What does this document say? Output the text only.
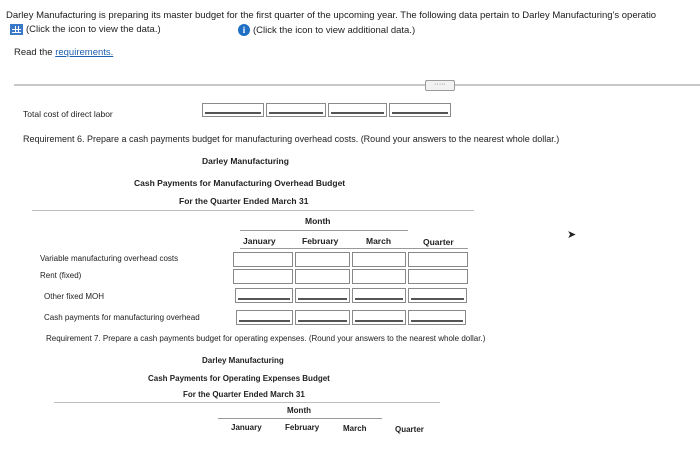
Darley Manufacturing is preparing its master budget for the first quarter of the upcoming year. The following data pertain to Darley Manufacturing's operatio
(Click the icon to view the data.)	i (Click the icon to view additional data.)
Read the requirements.
·····
Total cost of direct labor
Requirement 6. Prepare a cash payments budget for manufacturing overhead costs. (Round your answers to the nearest whole dollar.)
Darley Manufacturing
Cash Payments for Manufacturing Overhead Budget
For the Quarter Ended March 31
Month
January	February	March	Quarter
Variable manufacturing overhead costs
Rent (fixed)
Other fixed MOH
Cash payments for manufacturing overhead
Requirement 7. Prepare a cash payments budget for operating expenses. (Round your answers to the nearest whole dollar.)
Darley Manufacturing
Cash Payments for Operating Expenses Budget
For the Quarter Ended March 31
Month
January	February	March	Quarter
➤
